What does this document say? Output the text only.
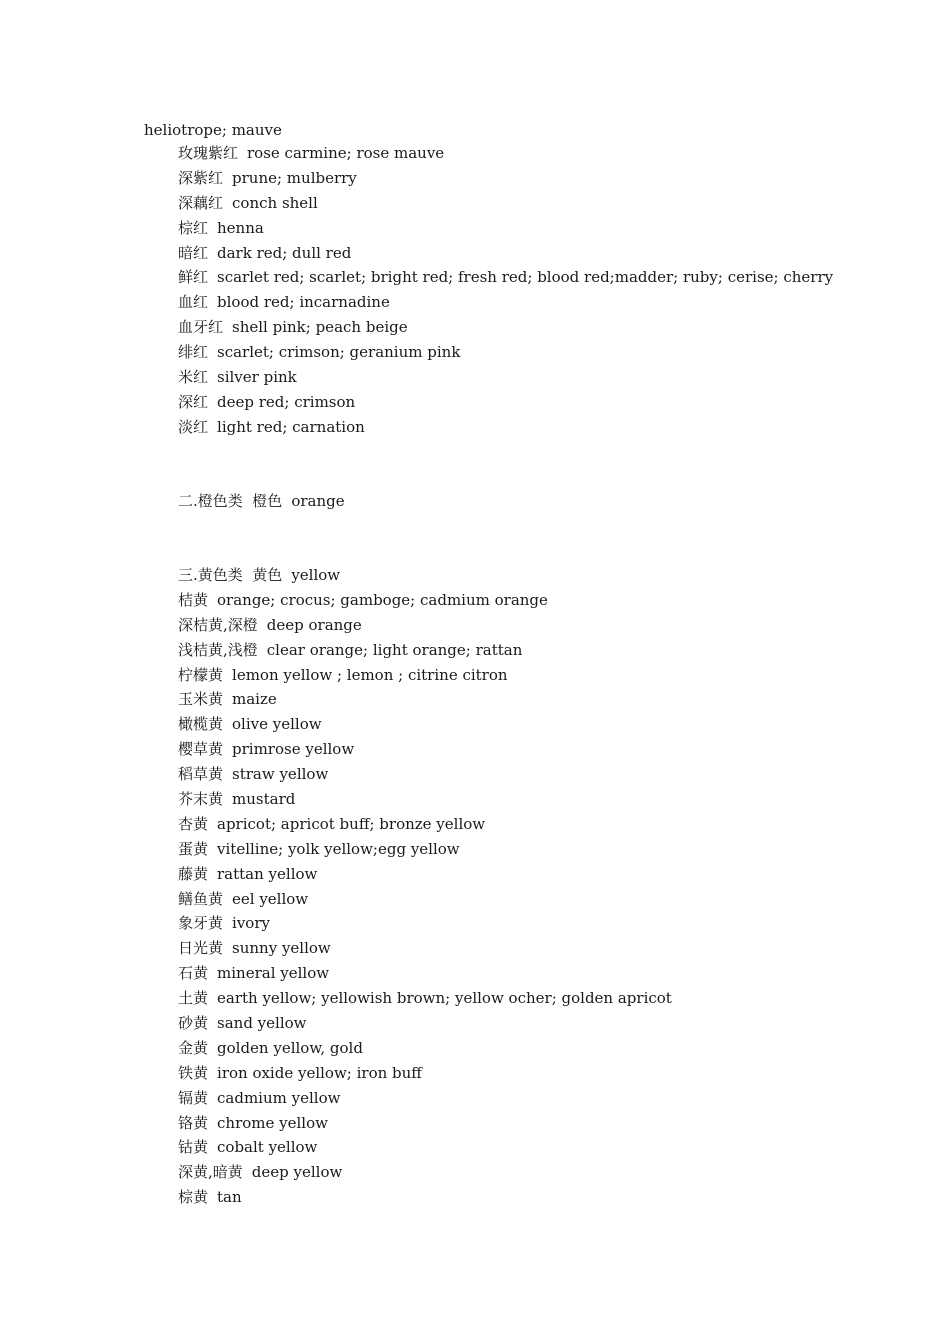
heliotrope; mauve
玫瑰紫红 rose carmine; rose mauve
深紫红 prune; mulberry
深藕红 conch shell
棕红 henna
暗红 dark red; dull red
鲜红 scarlet red; scarlet; bright red; fresh red; blood red;madder; ruby; cerise; cherry
血红 blood red; incarnadine
血牙红 shell pink; peach beige
绯红 scarlet; crimson; geranium pink
米红 silver pink
深红 deep red; crimson
淡红 light red; carnation
二.橙色类  橙色 orange
三.黄色类  黄色 yellow
桔黄 orange; crocus; gamboge; cadmium orange
深桔黄,深橙 deep orange
浅桔黄,浅橙 clear orange; light orange; rattan
柠檬黄 lemon yellow ; lemon ; citrine citron
玉米黄 maize
橄榄黄 olive yellow
樱草黄 primrose yellow
稻草黄 straw yellow
芥末黄 mustard
杏黄 apricot; apricot buff; bronze yellow
蛋黄 vitelline; yolk yellow;egg yellow
藤黄 rattan yellow
鳝鱼黄 eel yellow
象牙黄 ivory
日光黄 sunny yellow
石黄 mineral yellow
土黄 earth yellow; yellowish brown; yellow ocher; golden apricot
砂黄 sand yellow
金黄 golden yellow, gold
铁黄 iron oxide yellow; iron buff
镉黄 cadmium yellow
铬黄 chrome yellow
钴黄 cobalt yellow
深黄,暗黄 deep yellow
棕黄 tan
